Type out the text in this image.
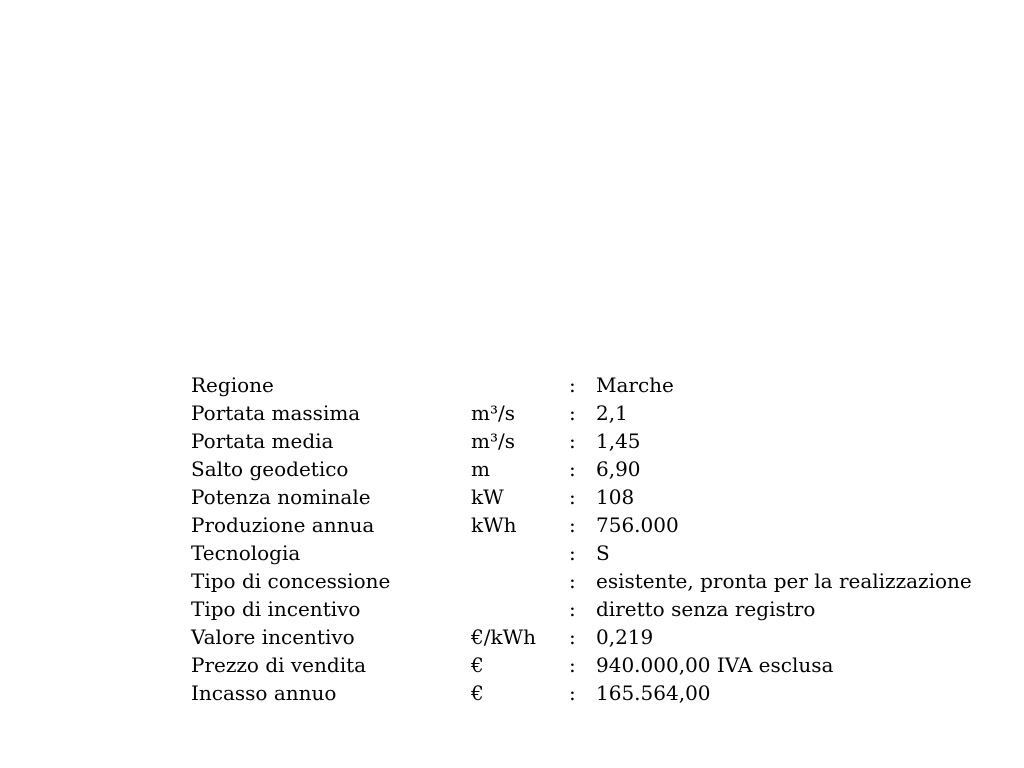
Regione		:	Marche
Portata massima	m³/s	:	2,1
Portata media	m³/s	:	1,45
Salto geodetico	m	:	6,90
Potenza nominale	kW	:	108
Produzione annua	kWh	:	756.000
Tecnologia		:	S
Tipo di concessione		:	esistente, pronta per la realizzazione
Tipo di incentivo		:	diretto senza registro
Valore incentivo	€/kWh	:	0,219
Prezzo di vendita	€	:	940.000,00 IVA esclusa
Incasso annuo	€	:	165.564,00
